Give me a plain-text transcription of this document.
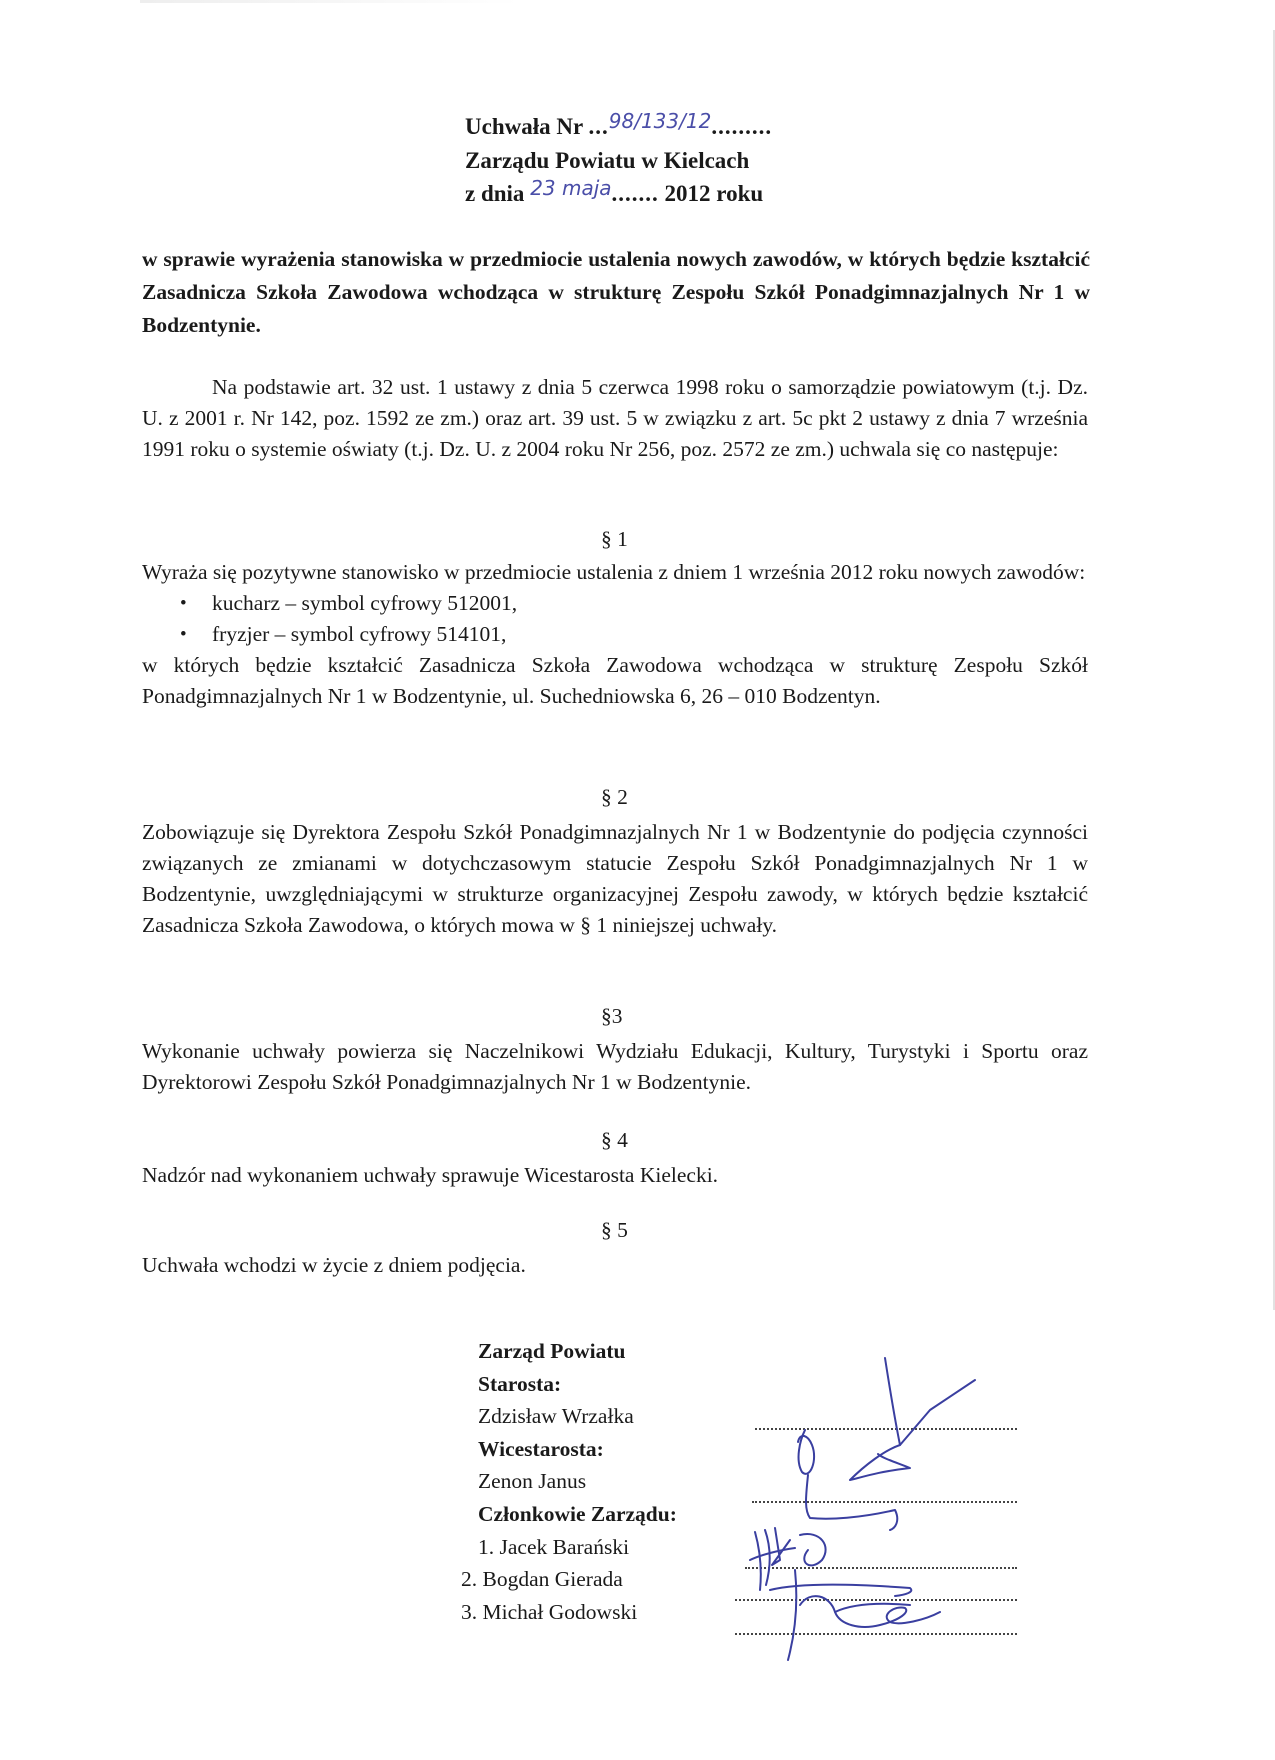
Uchwała Nr ...98/133/12.........
Zarządu Powiatu w Kielcach
z dnia 23 maja....... 2012 roku
w sprawie wyrażenia stanowiska w przedmiocie ustalenia nowych zawodów, w których będzie kształcić Zasadnicza Szkoła Zawodowa wchodząca w strukturę Zespołu Szkół Ponadgimnazjalnych Nr 1 w Bodzentynie.
Na podstawie art. 32 ust. 1 ustawy z dnia 5 czerwca 1998 roku o samorządzie powiatowym (t.j. Dz. U. z 2001 r. Nr 142, poz. 1592 ze zm.) oraz art. 39 ust. 5 w związku z art. 5c pkt 2 ustawy z dnia 7 września 1991 roku o systemie oświaty (t.j. Dz. U. z 2004 roku Nr 256, poz. 2572 ze zm.) uchwala się co następuje:
§ 1
Wyraża się pozytywne stanowisko w przedmiocie ustalenia z dniem 1 września 2012 roku nowych zawodów:
• kucharz – symbol cyfrowy 512001,
• fryzjer – symbol cyfrowy 514101,
w których będzie kształcić Zasadnicza Szkoła Zawodowa wchodząca w strukturę Zespołu Szkół Ponadgimnazjalnych Nr 1 w Bodzentynie, ul. Suchedniowska 6, 26 – 010 Bodzentyn.
§ 2
Zobowiązuje się Dyrektora Zespołu Szkół Ponadgimnazjalnych Nr 1 w Bodzentynie do podjęcia czynności związanych ze zmianami w dotychczasowym statucie Zespołu Szkół Ponadgimnazjalnych Nr 1 w Bodzentynie, uwzględniającymi w strukturze organizacyjnej Zespołu zawody, w których będzie kształcić Zasadnicza Szkoła Zawodowa, o których mowa w § 1 niniejszej uchwały.
§3
Wykonanie uchwały powierza się Naczelnikowi Wydziału Edukacji, Kultury, Turystyki i Sportu oraz Dyrektorowi Zespołu Szkół Ponadgimnazjalnych Nr 1 w Bodzentynie.
§ 4
Nadzór nad wykonaniem uchwały sprawuje Wicestarosta Kielecki.
§ 5
Uchwała wchodzi w życie z dniem podjęcia.
Zarząd Powiatu
Starosta:
Zdzisław Wrzałka
Wicestarosta:
Zenon Janus
Członkowie Zarządu:
1. Jacek Barański
2. Bogdan Gierada
3. Michał Godowski
